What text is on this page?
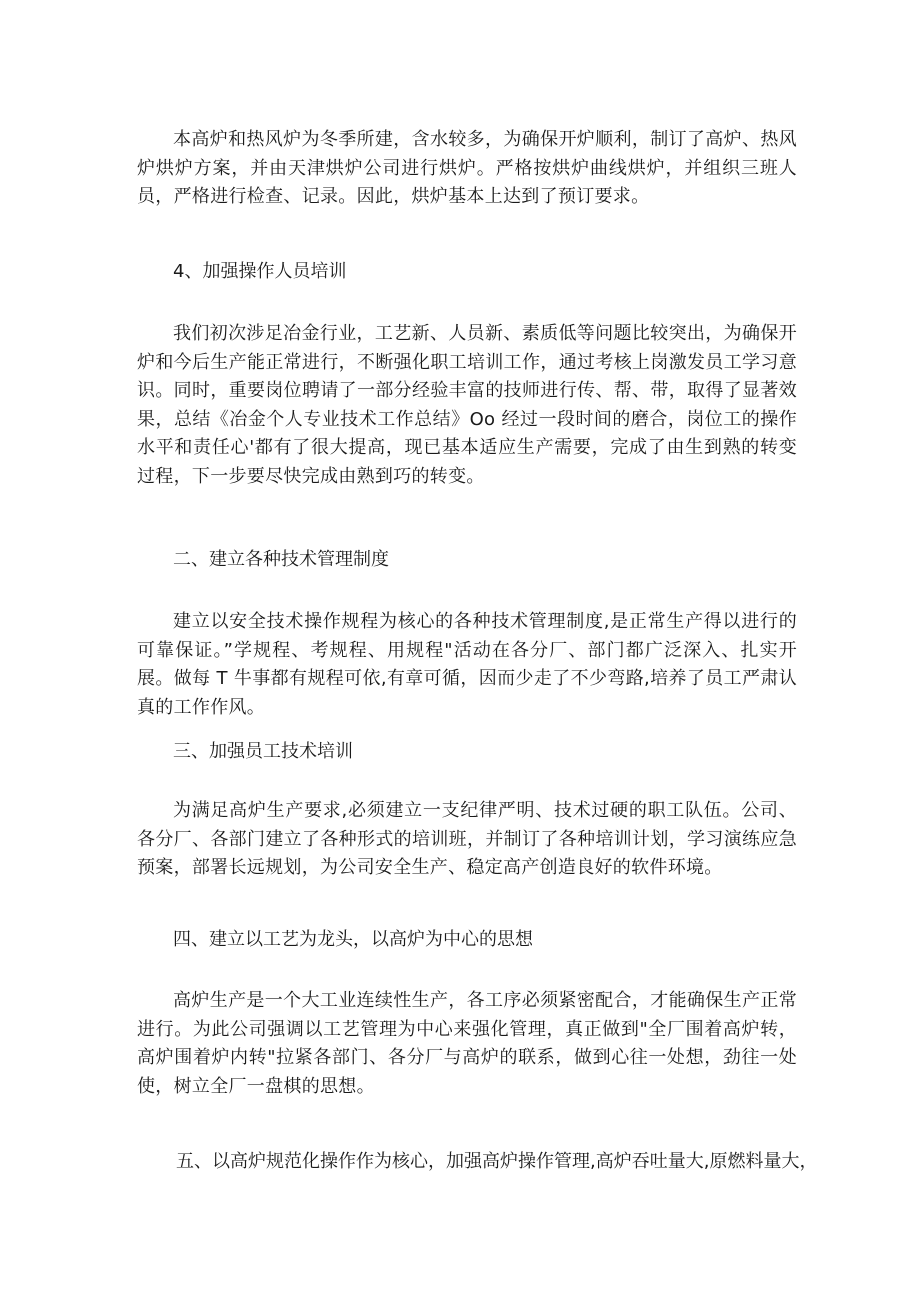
本高炉和热风炉为冬季所建，含水较多，为确保开炉顺利，制订了高炉、热风炉烘炉方案，并由天津烘炉公司进行烘炉。严格按烘炉曲线烘炉，并组织三班人员，严格进行检查、记录。因此，烘炉基本上达到了预订要求。

4、加强操作人员培训

我们初次涉足冶金行业，工艺新、人员新、素质低等问题比较突出，为确保开炉和今后生产能正常进行，不断强化职工培训工作，通过考核上岗激发员工学习意识。同时，重要岗位聘请了一部分经验丰富的技师进行传、帮、带，取得了显著效果，总结《冶金个人专业技术工作总结》Oo 经过一段时间的磨合，岗位工的操作水平和责任心'都有了很大提高，现已基本适应生产需要，完成了由生到熟的转变过程，下一步要尽快完成由熟到巧的转变。

二、建立各种技术管理制度

建立以安全技术操作规程为核心的各种技术管理制度,是正常生产得以进行的可靠保证。”学规程、考规程、用规程"活动在各分厂、部门都广泛深入、扎实开展。做每 T 牛事都有规程可依,有章可循，因而少走了不少弯路,培养了员工严肃认真的工作作风。

三、加强员工技术培训

为满足高炉生产要求,必须建立一支纪律严明、技术过硬的职工队伍。公司、各分厂、各部门建立了各种形式的培训班，并制订了各种培训计划，学习演练应急预案，部署长远规划，为公司安全生产、稳定高产创造良好的软件环境。

四、建立以工艺为龙头，以高炉为中心的思想

高炉生产是一个大工业连续性生产，各工序必须紧密配合，才能确保生产正常进行。为此公司强调以工艺管理为中心来强化管理，真正做到"全厂围着高炉转，高炉围着炉内转"拉紧各部门、各分厂与高炉的联系，做到心往一处想，劲往一处使，树立全厂一盘棋的思想。

五、以高炉规范化操作作为核心，加强高炉操作管理,高炉吞吐量大,原燃料量大，
